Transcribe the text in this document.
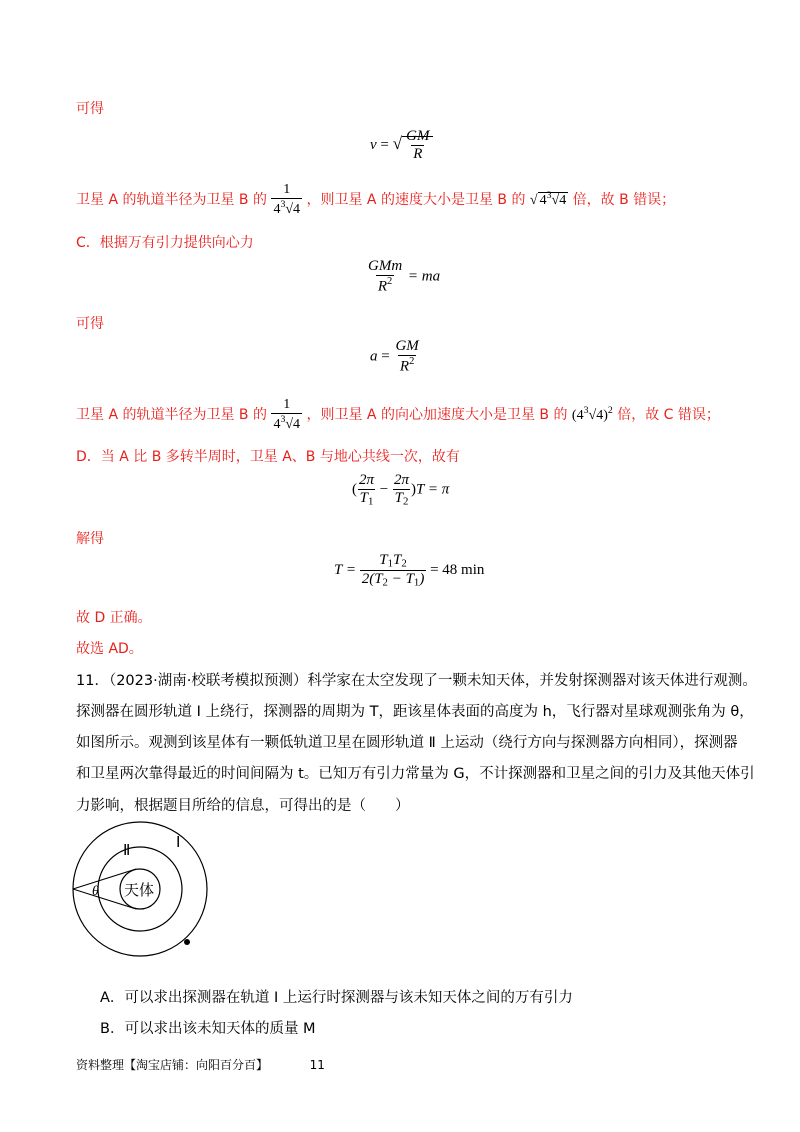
可得
v = √ $\frac{GM}{R}$
卫星 A 的轨道半径为卫星 B 的 $\frac{1}{4^3√4}$ ，则卫星 A 的速度大小是卫星 B 的 √ $4^3√4$ 倍，故 B 错误；
C．根据万有引力提供向心力
$\frac{\text{GMm}}{R^2}$ = ma
可得
$a = \frac{GM}{R^2}$
卫星 A 的轨道半径为卫星 B 的 $\frac{1}{4^3√4}$ ，则卫星 A 的向心加速度大小是卫星 B 的 $(4^3√4)^2$ 倍，故 C 错误；
D．当 A 比 B 多转半周时，卫星 A、B 与地心共线一次，故有
( $\frac{2\pi}{T_1} - \frac{2\pi}{T_2} )T = \pi$
解得
$T = \frac{T_1T_2}{2(T_2 - T_1)} = 48$ min
故 D 正确。
故选 AD。
11．（2023·湖南·校联考模拟预测）科学家在太空发现了一颗未知天体，并发射探测器对该天体进行观测。
探测器在圆形轨道 Ⅰ 上绕行，探测器的周期为 T，距该星体表面的高度为 h，飞行器对星球观测张角为 θ，
如图所示。观测到该星体有一颗低轨道卫星在圆形轨道 Ⅱ 上运动（绕行方向与探测器方向相同），探测器
和卫星两次靠得最近的时间间隔为 t。已知万有引力常量为 G，不计探测器和卫星之间的引力及其他天体引
力影响，根据题目所给的信息，可得出的是（　　）
Ⅰ
Ⅱ
θ 天体
A．可以求出探测器在轨道 Ⅰ 上运行时探测器与该未知天体之间的万有引力
B．可以求出该未知天体的质量 M
资料整理【淘宝店铺：向阳百分百】	11
